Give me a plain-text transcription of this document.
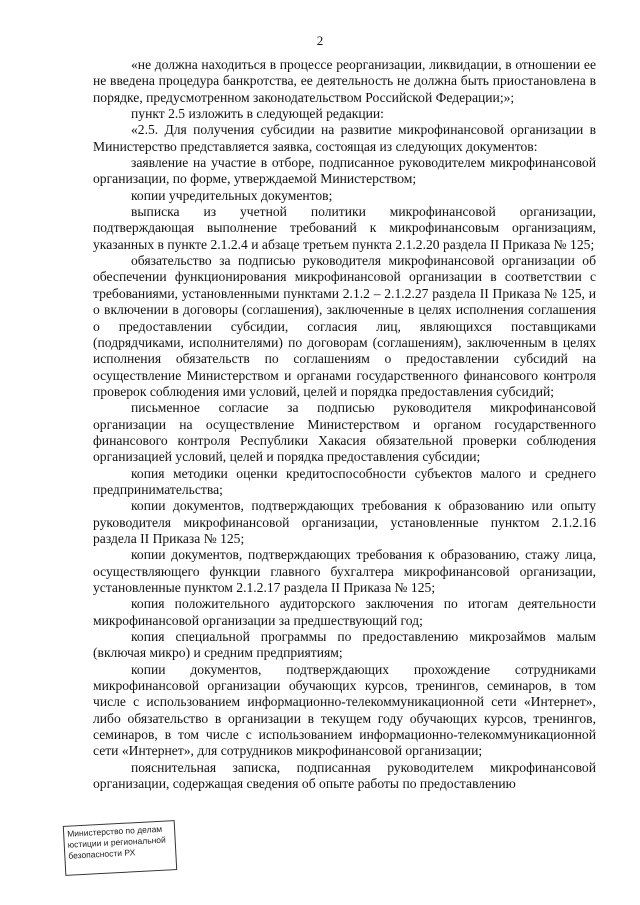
2

«не должна находиться в процессе реорганизации, ликвидации, в отношении ее не введена процедура банкротства, ее деятельность не должна быть приостановлена в порядке, предусмотренном законодательством Российской Федерации;»;

пункт 2.5 изложить в следующей редакции:

«2.5. Для получения субсидии на развитие микрофинансовой организации в Министерство представляется заявка, состоящая из следующих документов:

заявление на участие в отборе, подписанное руководителем микрофинансовой организации, по форме, утверждаемой Министерством;

копии учредительных документов;

выписка из учетной политики микрофинансовой организации, подтверждающая выполнение требований к микрофинансовым организациям, указанных в пункте 2.1.2.4 и абзаце третьем пункта 2.1.2.20 раздела II Приказа № 125;

обязательство за подписью руководителя микрофинансовой организации об обеспечении функционирования микрофинансовой организации в соответствии с требованиями, установленными пунктами 2.1.2 – 2.1.2.27 раздела II Приказа № 125, и о включении в договоры (соглашения), заключенные в целях исполнения соглашения о предоставлении субсидии, согласия лиц, являющихся поставщиками (подрядчиками, исполнителями) по договорам (соглашениям), заключенным в целях исполнения обязательств по соглашениям о предоставлении субсидий на осуществление Министерством и органами государственного финансового контроля проверок соблюдения ими условий, целей и порядка предоставления субсидий;

письменное согласие за подписью руководителя микрофинансовой организации на осуществление Министерством и органом государственного финансового контроля Республики Хакасия обязательной проверки соблюдения организацией условий, целей и порядка предоставления субсидии;

копия методики оценки кредитоспособности субъектов малого и среднего предпринимательства;

копии документов, подтверждающих требования к образованию или опыту руководителя микрофинансовой организации, установленные пунктом 2.1.2.16 раздела II Приказа № 125;

копии документов, подтверждающих требования к образованию, стажу лица, осуществляющего функции главного бухгалтера микрофинансовой организации, установленные пунктом 2.1.2.17 раздела II Приказа № 125;

копия положительного аудиторского заключения по итогам деятельности микрофинансовой организации за предшествующий год;

копия специальной программы по предоставлению микрозаймов малым (включая микро) и средним предприятиям;

копии документов, подтверждающих прохождение сотрудниками микрофинансовой организации обучающих курсов, тренингов, семинаров, в том числе с использованием информационно-телекоммуникационной сети «Интернет», либо обязательство в организации в текущем году обучающих курсов, тренингов, семинаров, в том числе с использованием информационно-телекоммуникационной сети «Интернет», для сотрудников микрофинансовой организации;

пояснительная записка, подписанная руководителем микрофинансовой организации, содержащая сведения об опыте работы по предоставлению

Министерство по делам
юстиции и региональной
безопасности РХ
